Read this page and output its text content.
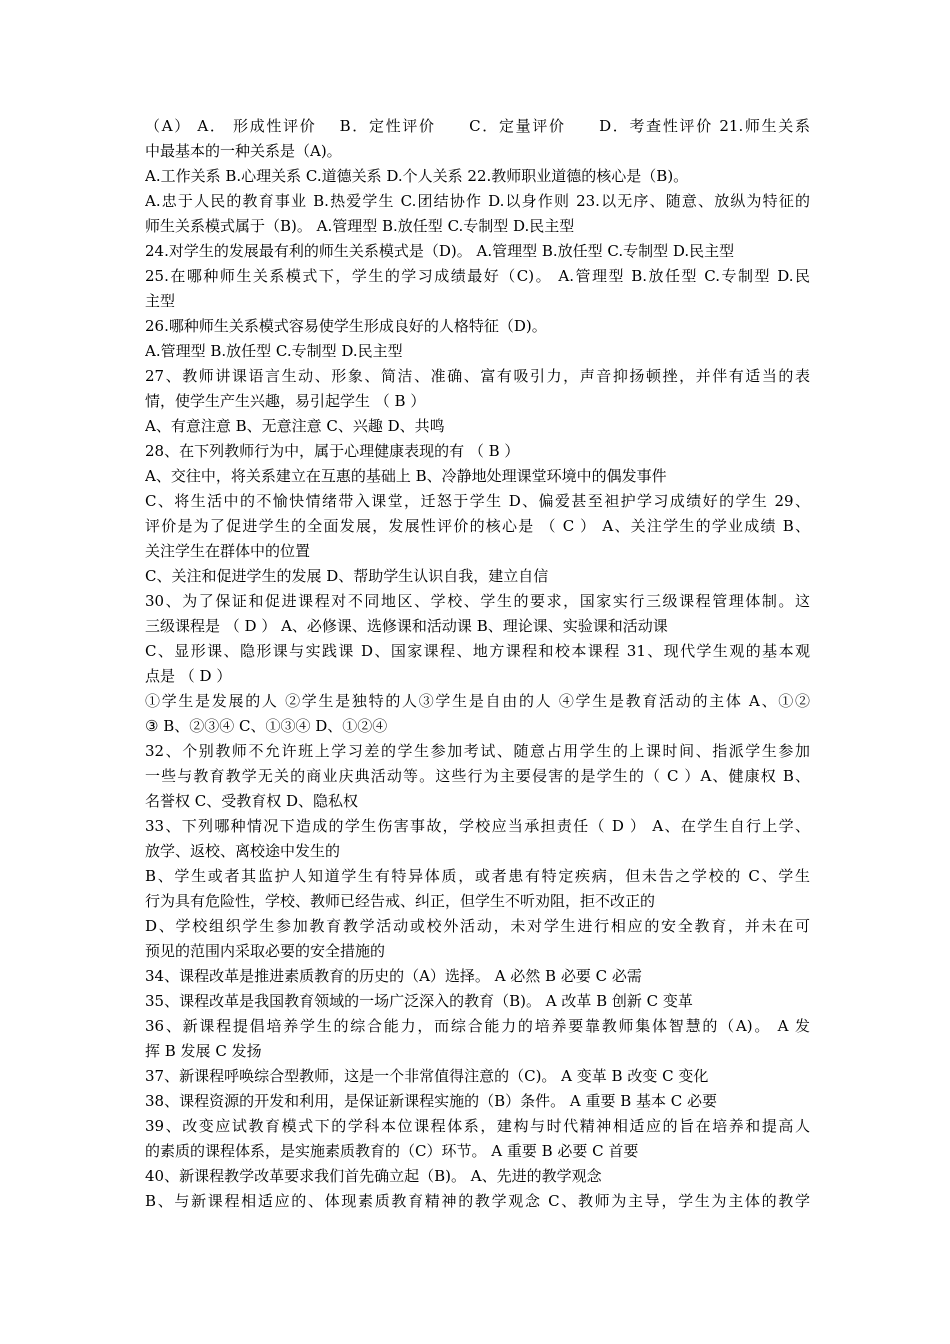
（A） A． 形成性评价　 B．定性评价　　C．定量评价　　D．考查性评价 21.师生关系
中最基本的一种关系是（A)。
A.工作关系 B.心理关系 C.道德关系 D.个人关系 22.教师职业道德的核心是（B)。
A.忠于人民的教育事业 B.热爱学生 C.团结协作 D.以身作则 23.以无序、随意、放纵为特征的
师生关系模式属于（B)。 A.管理型 B.放任型 C.专制型 D.民主型
24.对学生的发展最有利的师生关系模式是（D)。 A.管理型 B.放任型 C.专制型 D.民主型
25.在哪种师生关系模式下，学生的学习成绩最好（C)。 A.管理型 B.放任型 C.专制型 D.民
主型
26.哪种师生关系模式容易使学生形成良好的人格特征（D)。
A.管理型 B.放任型 C.专制型 D.民主型
27、教师讲课语言生动、形象、简洁、准确、富有吸引力，声音抑扬顿挫，并伴有适当的表
情，使学生产生兴趣，易引起学生 （ B ）
A、有意注意 B、无意注意 C、兴趣 D、共鸣
28、在下列教师行为中，属于心理健康表现的有 （ B ）
A、交往中，将关系建立在互惠的基础上 B、冷静地处理课堂环境中的偶发事件
C、将生活中的不愉快情绪带入课堂，迁怒于学生 D、偏爱甚至袒护学习成绩好的学生 29、
评价是为了促进学生的全面发展，发展性评价的核心是 （ C ） A、关注学生的学业成绩 B、
关注学生在群体中的位置
C、关注和促进学生的发展 D、帮助学生认识自我，建立自信
30、为了保证和促进课程对不同地区、学校、学生的要求，国家实行三级课程管理体制。这
三级课程是 （ D ） A、必修课、选修课和活动课 B、理论课、实验课和活动课
C、显形课、隐形课与实践课 D、国家课程、地方课程和校本课程 31、现代学生观的基本观
点是 （ D ）
①学生是发展的人 ②学生是独特的人③学生是自由的人 ④学生是教育活动的主体 A、①②
③ B、②③④ C、①③④ D、①②④
32、个别教师不允许班上学习差的学生参加考试、随意占用学生的上课时间、指派学生参加
一些与教育教学无关的商业庆典活动等。这些行为主要侵害的是学生的（ C ）A、健康权 B、
名誉权 C、受教育权 D、隐私权
33、下列哪种情况下造成的学生伤害事故，学校应当承担责任（ D ） A、在学生自行上学、
放学、返校、离校途中发生的
B、学生或者其监护人知道学生有特异体质，或者患有特定疾病，但未告之学校的 C、学生
行为具有危险性，学校、教师已经告戒、纠正，但学生不听劝阻，拒不改正的
D、学校组织学生参加教育教学活动或校外活动，未对学生进行相应的安全教育，并未在可
预见的范围内采取必要的安全措施的
34、课程改革是推进素质教育的历史的（A）选择。 A 必然 B 必要 C 必需
35、课程改革是我国教育领域的一场广泛深入的教育（B)。 A 改革 B 创新 C 变革
36、新课程提倡培养学生的综合能力，而综合能力的培养要靠教师集体智慧的（A)。 A 发
挥 B 发展 C 发扬
37、新课程呼唤综合型教师，这是一个非常值得注意的（C)。 A 变革 B 改变 C 变化
38、课程资源的开发和利用，是保证新课程实施的（B）条件。 A 重要 B 基本 C 必要
39、改变应试教育模式下的学科本位课程体系，建构与时代精神相适应的旨在培养和提高人
的素质的课程体系，是实施素质教育的（C）环节。 A 重要 B 必要 C 首要
40、新课程教学改革要求我们首先确立起（B)。 A、先进的教学观念
B、与新课程相适应的、体现素质教育精神的教学观念 C、教师为主导，学生为主体的教学
